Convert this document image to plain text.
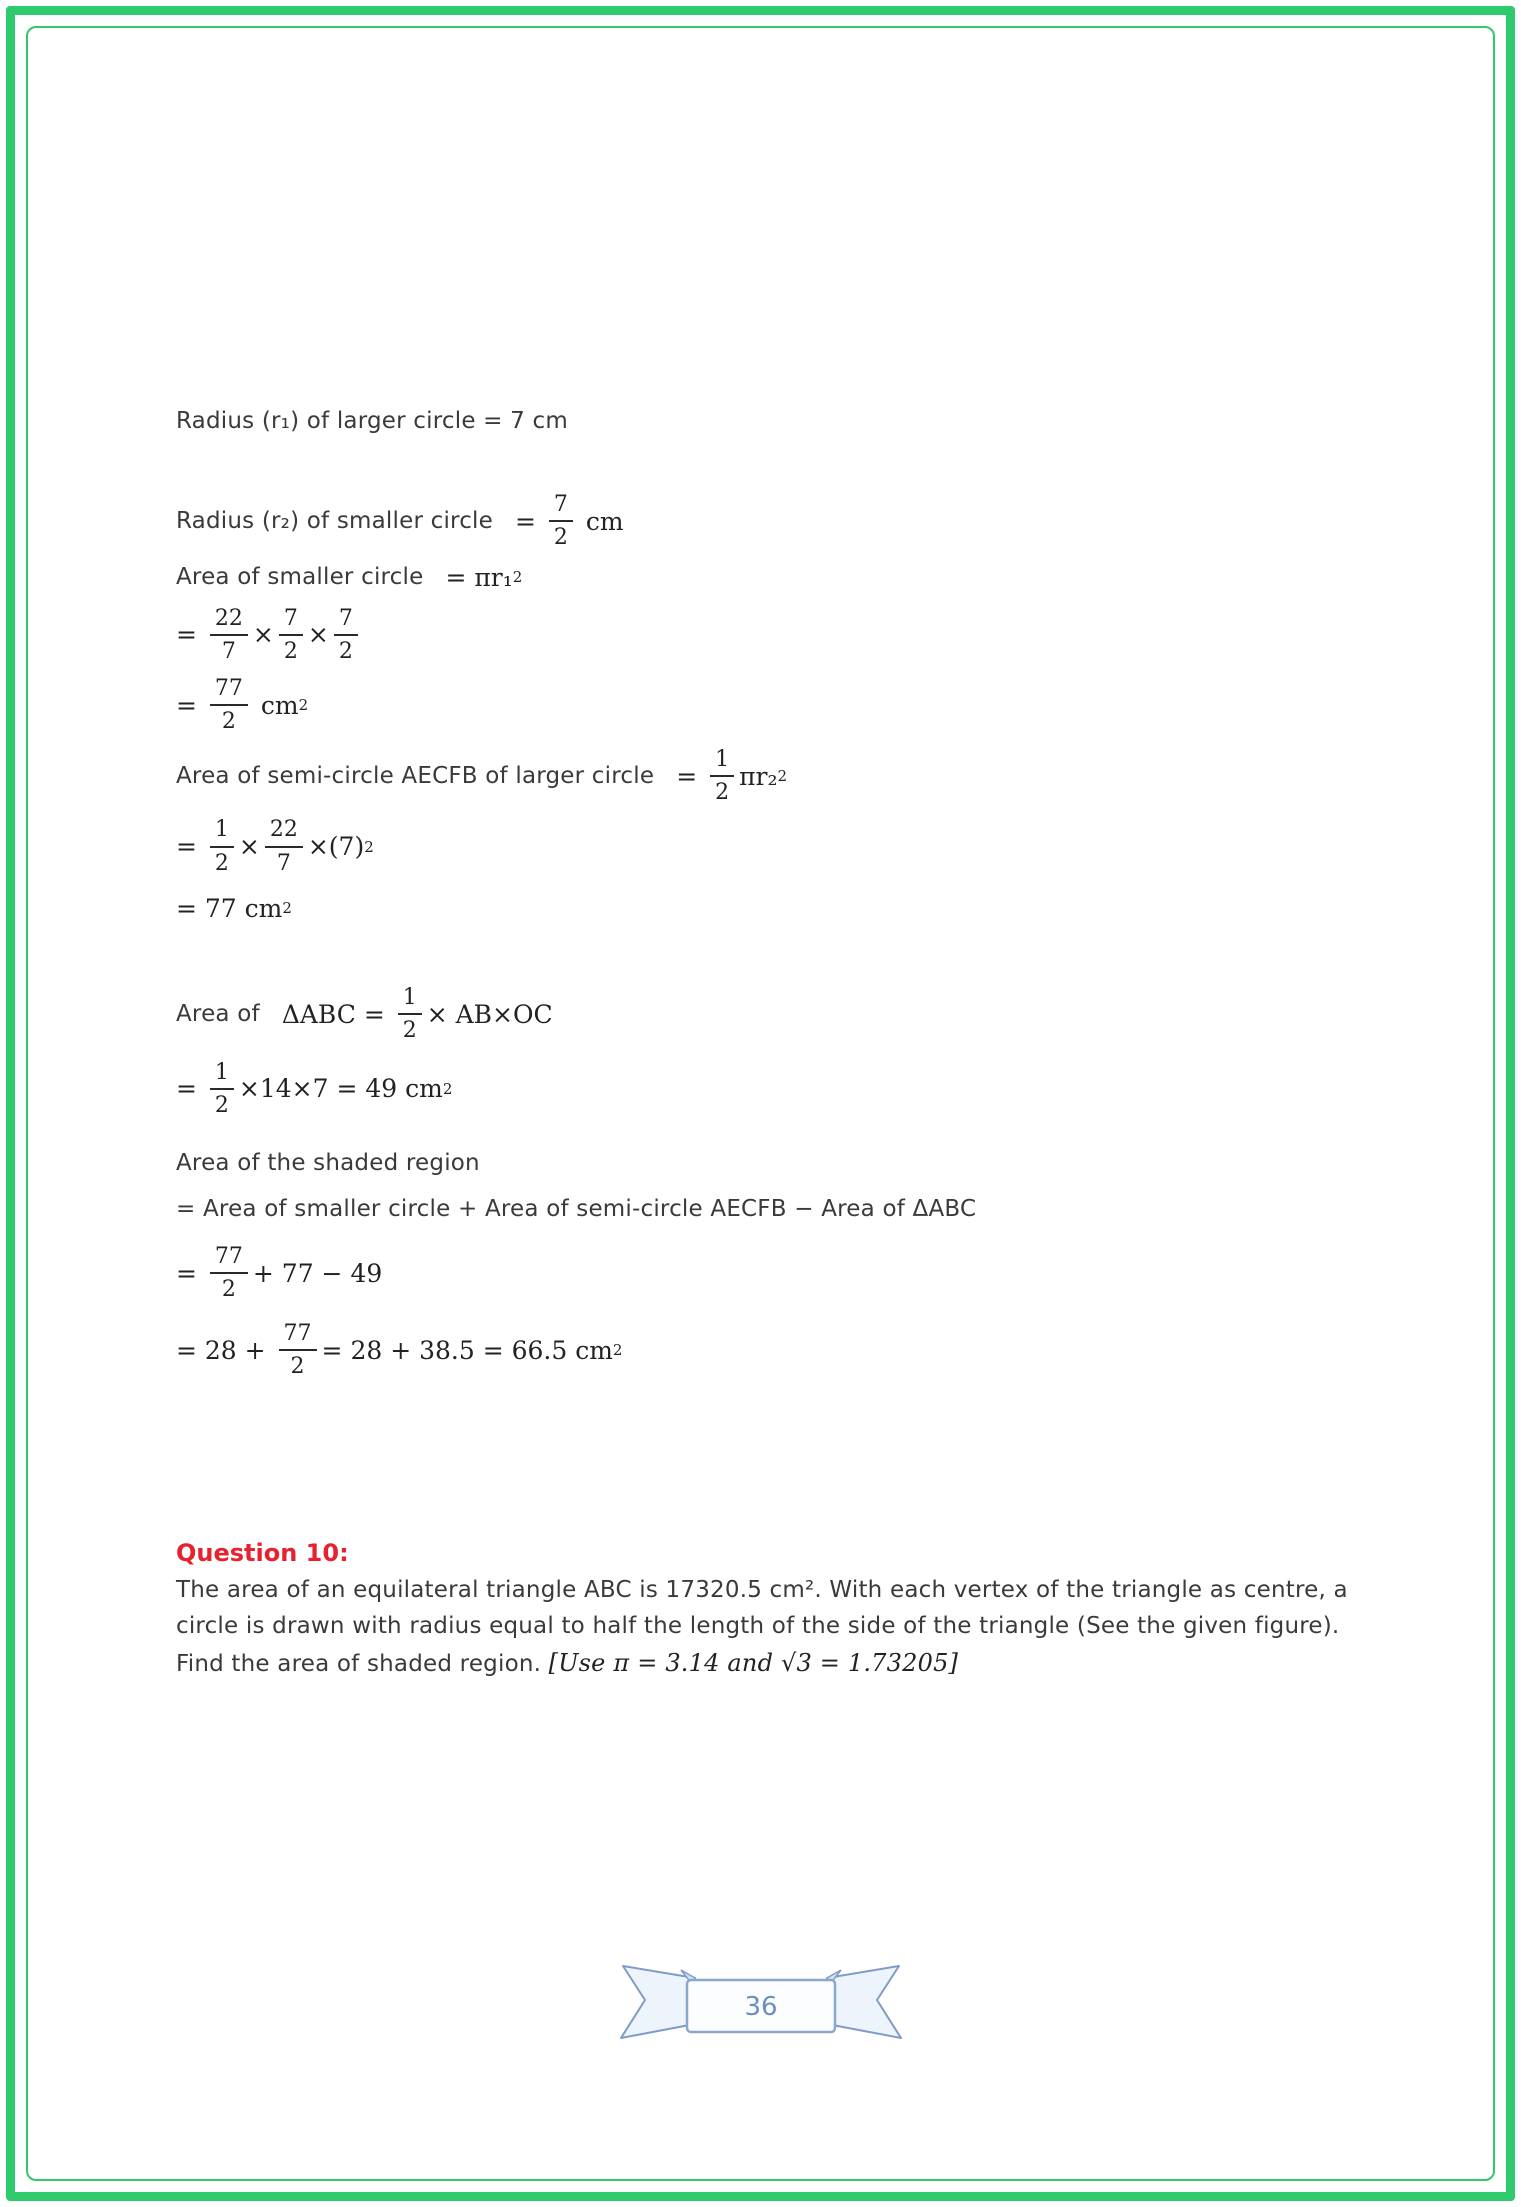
Radius (r₁) of larger circle = 7 cm
Radius (r₂) of smaller circle = $\frac{7}{2}$ cm
Area of smaller circle = πr₁ 2
= $\frac{22}{7} \times \frac{7}{2} \times \frac{7}{2}$
= $\frac{77}{2}$ cm 2
Area of semi-circle AECFB of larger circle = $\frac{1}{2} \pi r_2$ 2
= $\frac{1}{2} \times \frac{22}{7} \times(7)$ 2
= 77 cm 2
Area of $\Delta ABC = \frac{1}{2} \times AB\times OC$
= $\frac{1}{2} \times 14\times 7 = 49$ cm 2
Area of the shaded region
= Area of smaller circle + Area of semi-circle AECFB − Area of ΔABC
= $\frac{77}{2} + 77 - 49$
= $28 + \frac{77}{2} = 28 + 38.5 = 66.5$ cm 2
Question 10:
The area of an equilateral triangle ABC is 17320.5 cm². With each vertex of the triangle as centre, a circle is drawn with radius equal to half the length of the side of the triangle (See the given figure). Find the area of shaded region. [Use π = 3.14 and √3 = 1.73205]
36
